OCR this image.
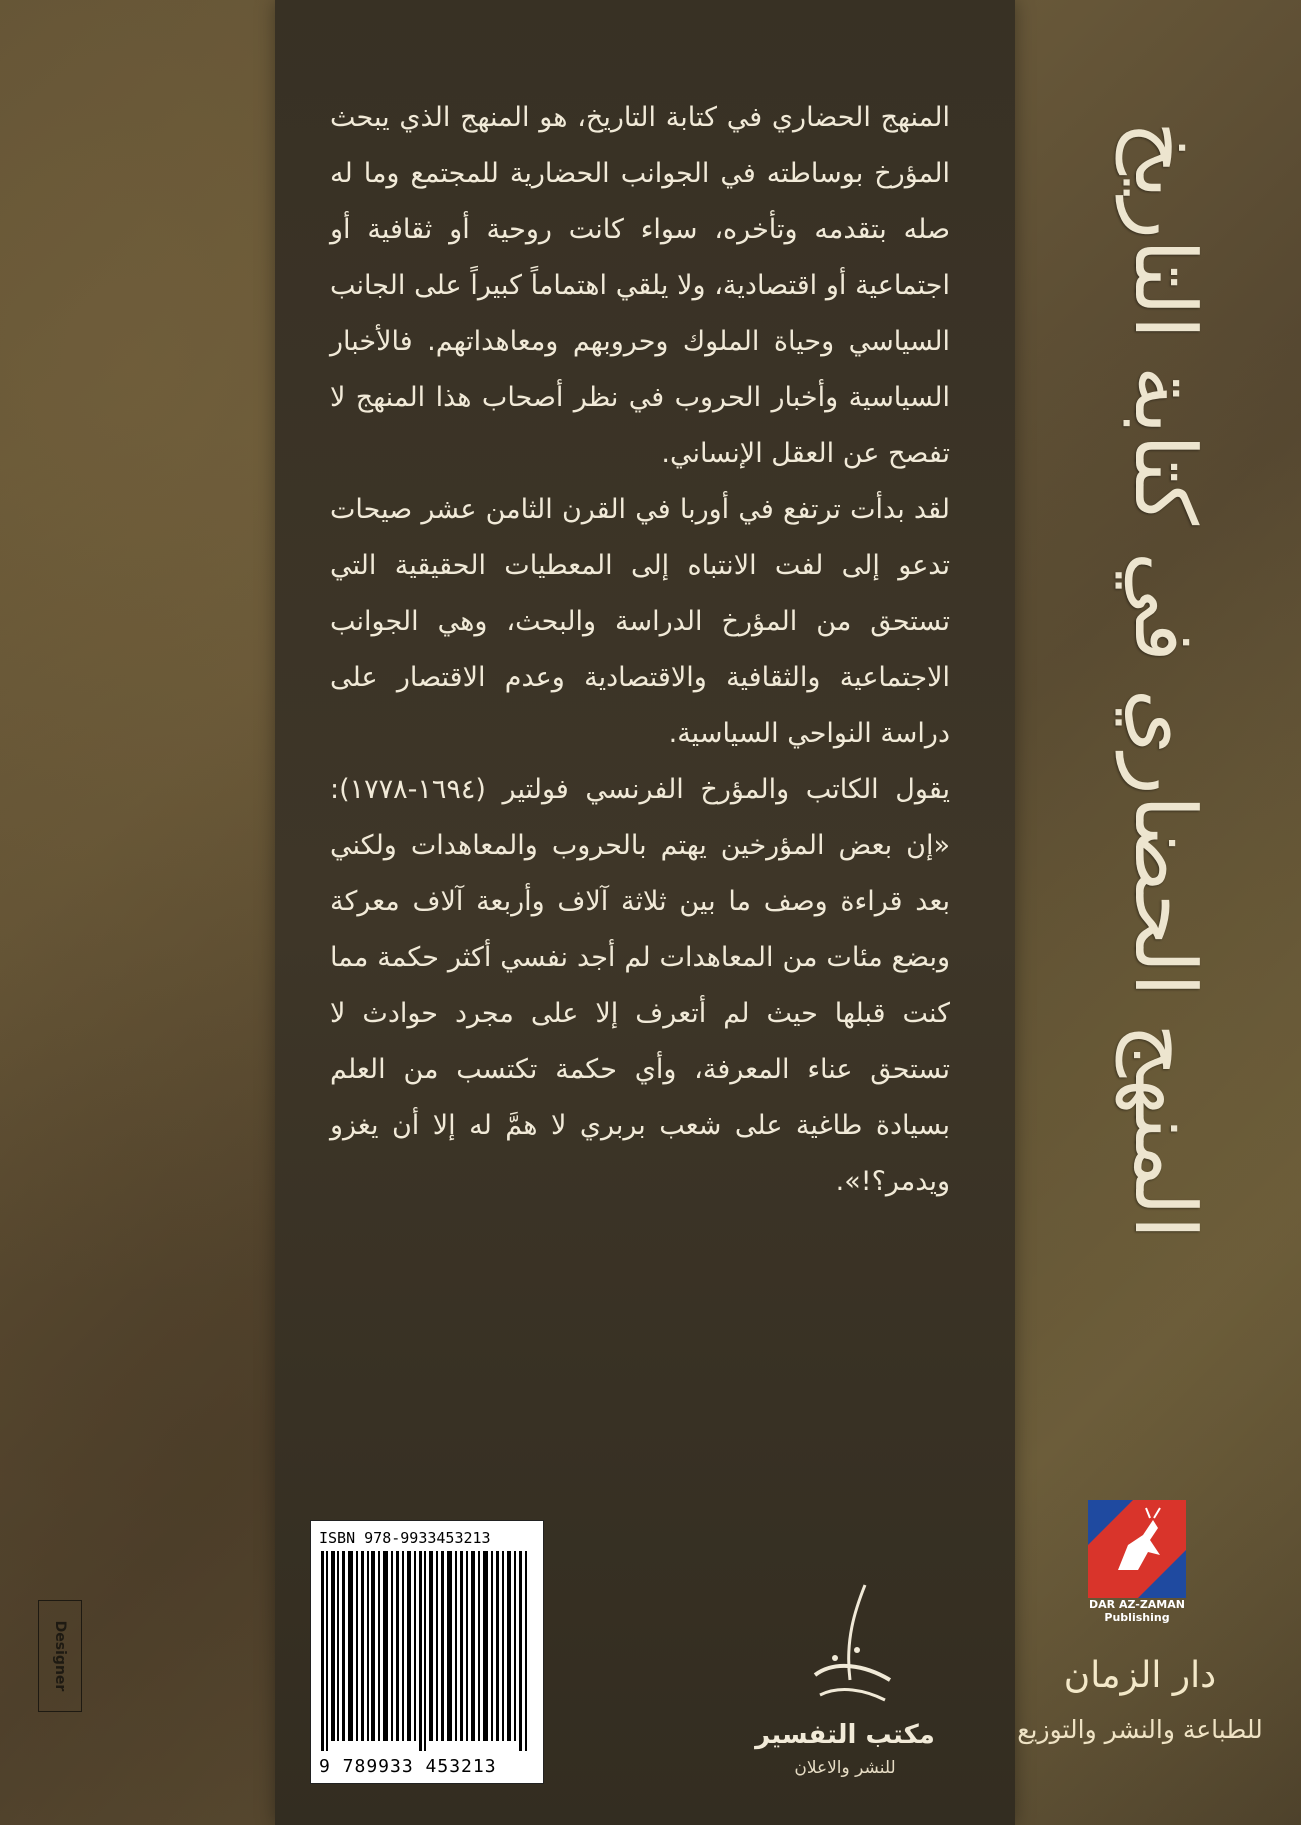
المنهج الحضاري في كتابة التاريخ، هو المنهج الذي يبحث المؤرخ بوساطته في الجوانب الحضارية للمجتمع وما له صله بتقدمه وتأخره، سواء كانت روحية أو ثقافية أو اجتماعية أو اقتصادية، ولا يلقي اهتماماً كبيراً على الجانب السياسي وحياة الملوك وحروبهم ومعاهداتهم. فالأخبار السياسية وأخبار الحروب في نظر أصحاب هذا المنهج لا تفصح عن العقل الإنساني.

لقد بدأت ترتفع في أوربا في القرن الثامن عشر صيحات تدعو إلى لفت الانتباه إلى المعطيات الحقيقية التي تستحق من المؤرخ الدراسة والبحث، وهي الجوانب الاجتماعية والثقافية والاقتصادية وعدم الاقتصار على دراسة النواحي السياسية.

يقول الكاتب والمؤرخ الفرنسي فولتير (١٦٩٤-١٧٧٨): «إن بعض المؤرخين يهتم بالحروب والمعاهدات ولكني بعد قراءة وصف ما بين ثلاثة آلاف وأربعة آلاف معركة وبضع مئات من المعاهدات لم أجد نفسي أكثر حكمة مما كنت قبلها حيث لم أتعرف إلا على مجرد حوادث لا تستحق عناء المعرفة، وأي حكمة تكتسب من العلم بسيادة طاغية على شعب بربري لا همَّ له إلا أن يغزو ويدمر؟!». المنهج الحضاري في كتابة التاريخ
ISBN 978-9933453213
9 789933 453213
مكتب التفسير
للنشر والاعلان
DAR AZ-ZAMAN Publishing
دار الزمان
للطباعة والنشر والتوزيع
Designer
